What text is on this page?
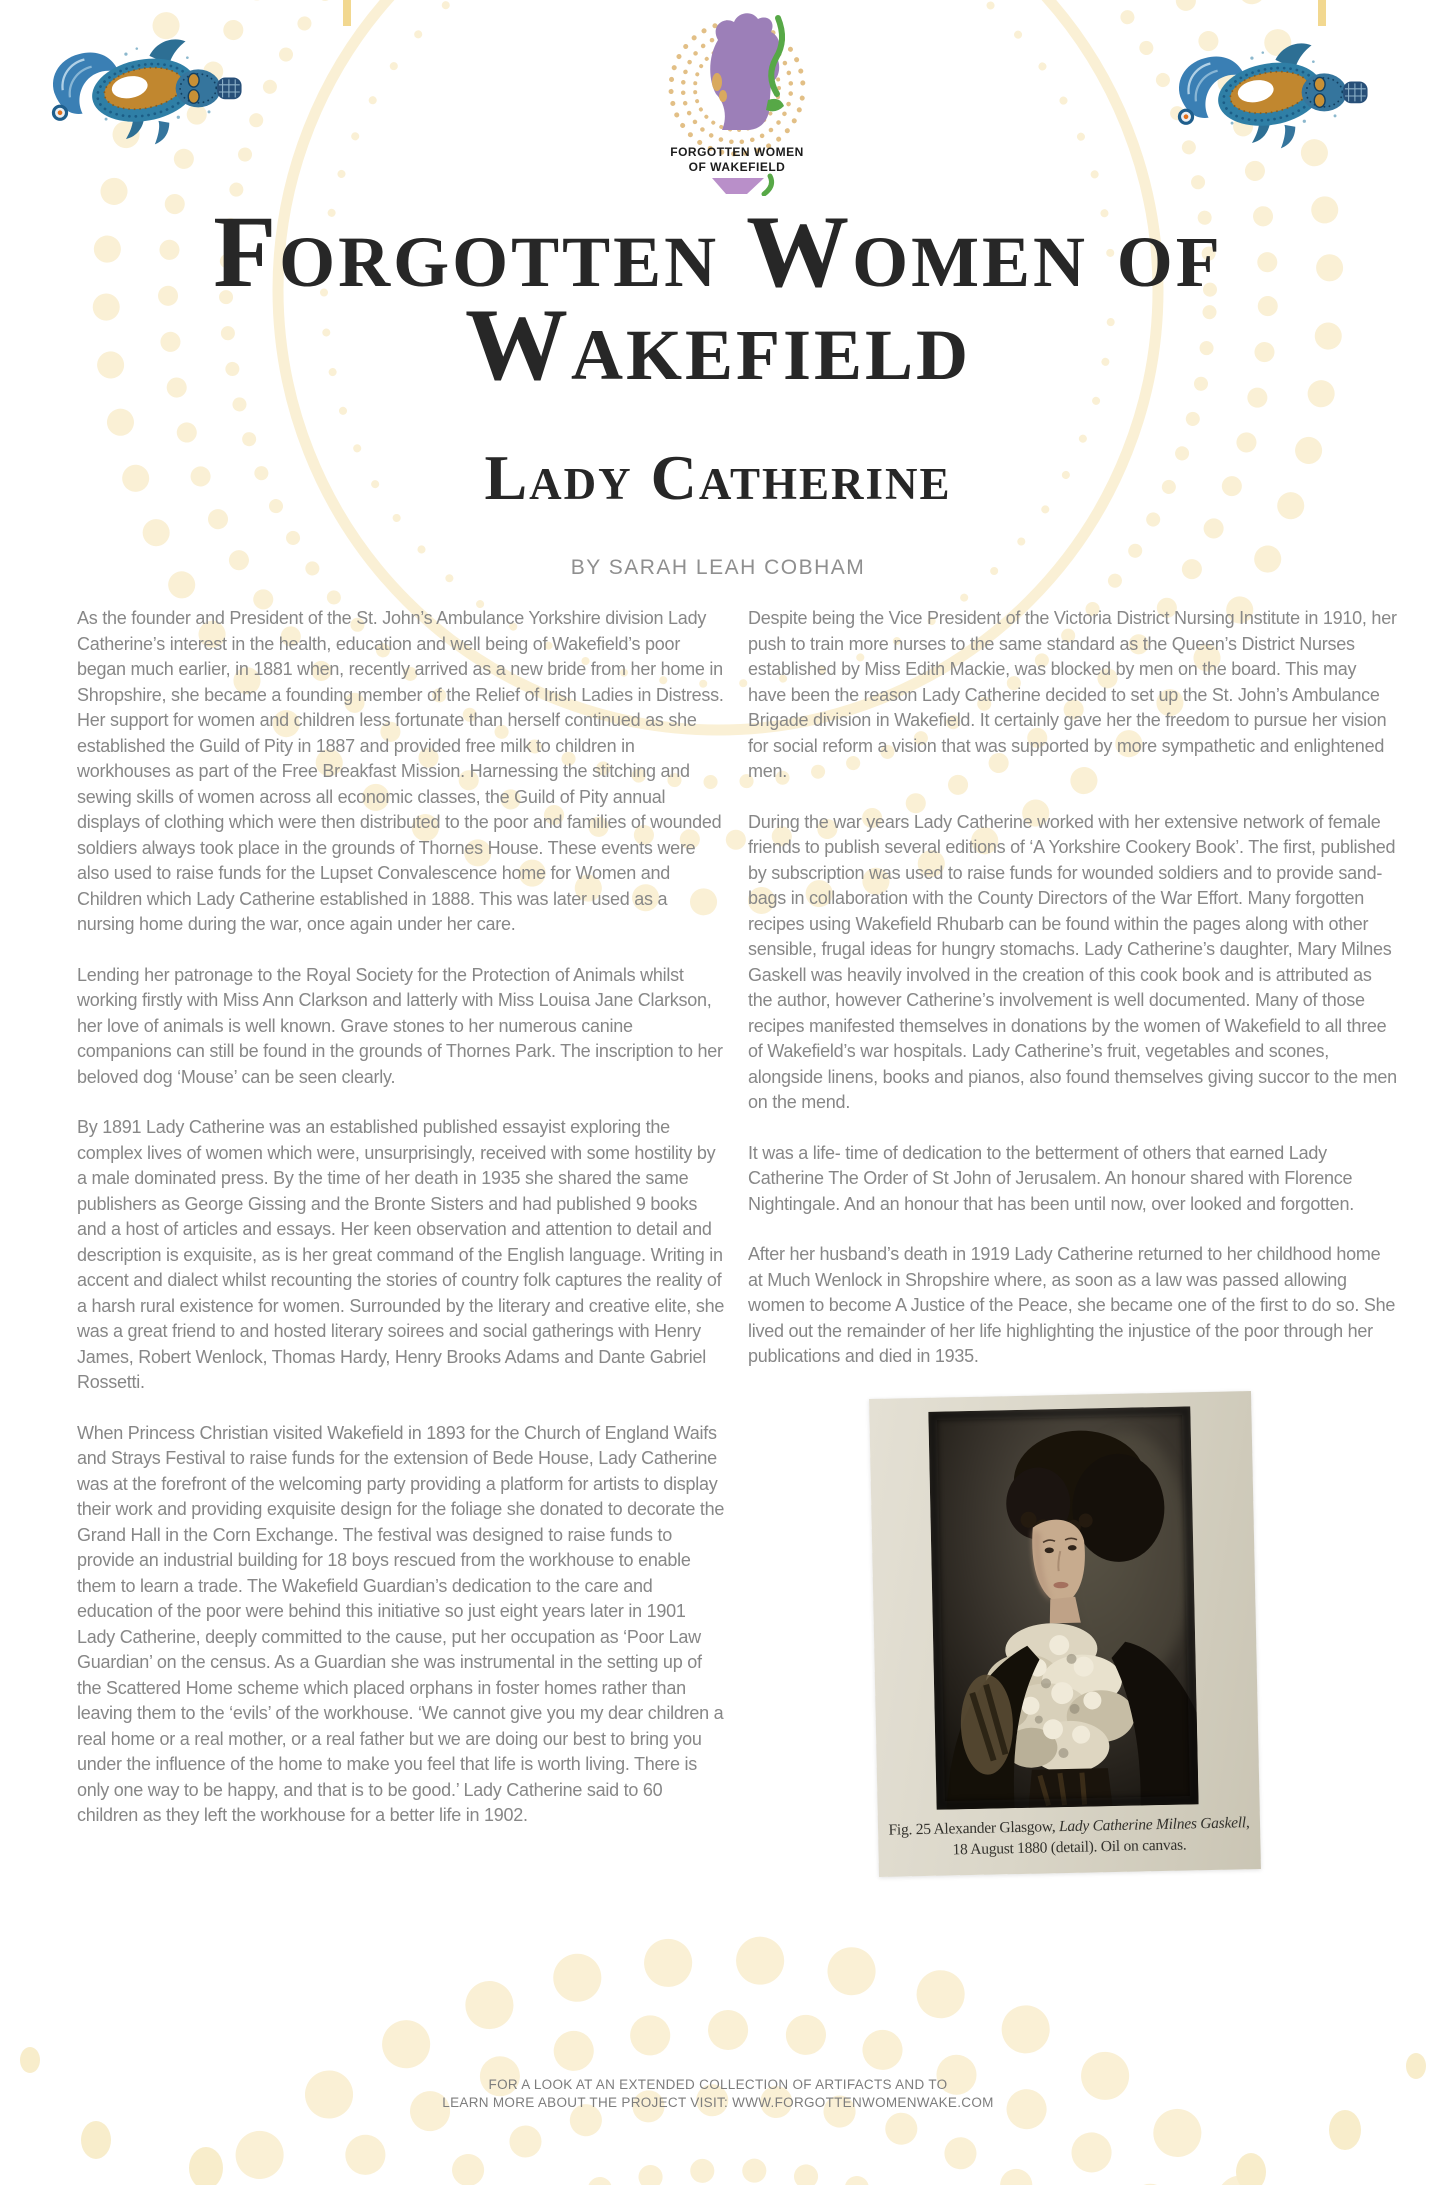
FORGOTTEN WOMEN
OF WAKEFIELD
Forgotten Women of
Wakefield
Lady Catherine
BY SARAH LEAH COBHAM

As the founder and President of the St. John’s Ambulance Yorkshire division Lady Catherine’s interest in the health, education and well being of Wakefield’s poor began much earlier, in 1881 when, recently arrived as a new bride from her home in Shropshire, she became a founding member of the Relief of Irish Ladies in Distress. Her support for women and children less fortunate than herself continued as she established the Guild of Pity in 1887 and provided free milk to children in workhouses as part of the Free Breakfast Mission. Harnessing the stitching and sewing skills of women across all economic classes, the Guild of Pity annual displays of clothing which were then distributed to the poor and families of wounded soldiers always took place in the grounds of Thornes House. These events were also used to raise funds for the Lupset Convalescence home for Women and Children which Lady Catherine established in 1888. This was later used as a nursing home during the war, once again under her care.

Lending her patronage to the Royal Society for the Protection of Animals whilst working firstly with Miss Ann Clarkson and latterly with Miss Louisa Jane Clarkson, her love of animals is well known. Grave stones to her numerous canine companions can still be found in the grounds of Thornes Park. The inscription to her beloved dog ‘Mouse’ can be seen clearly.

By 1891 Lady Catherine was an established published essayist exploring the complex lives of women which were, unsurprisingly, received with some hostility by a male dominated press. By the time of her death in 1935 she shared the same publishers as George Gissing and the Bronte Sisters and had published 9 books and a host of articles and essays. Her keen observation and attention to detail and description is exquisite, as is her great command of the English language. Writing in accent and dialect whilst recounting the stories of country folk captures the reality of a harsh rural existence for women. Surrounded by the literary and creative elite, she was a great friend to and hosted literary soirees and social gatherings with Henry James, Robert Wenlock, Thomas Hardy, Henry Brooks Adams and Dante Gabriel Rossetti.

When Princess Christian visited Wakefield in 1893 for the Church of England Waifs and Strays Festival to raise funds for the extension of Bede House, Lady Catherine was at the forefront of the welcoming party providing a platform for artists to display their work and providing exquisite design for the foliage she donated to decorate the Grand Hall in the Corn Exchange. The festival was designed to raise funds to provide an industrial building for 18 boys rescued from the workhouse to enable them to learn a trade. The Wakefield Guardian’s dedication to the care and education of the poor were behind this initiative so just eight years later in 1901 Lady Catherine, deeply committed to the cause, put her occupation as ‘Poor Law Guardian’ on the census. As a Guardian she was instrumental in the setting up of the Scattered Home scheme which placed orphans in foster homes rather than leaving them to the ‘evils’ of the workhouse. ‘We cannot give you my dear children a real home or a real mother, or a real father but we are doing our best to bring you under the influence of the home to make you feel that life is worth living. There is only one way to be happy, and that is to be good.’ Lady Catherine said to 60 children as they left the workhouse for a better life in 1902.

Despite being the Vice President of the Victoria District Nursing Institute in 1910, her push to train more nurses to the same standard as the Queen’s District Nurses established by Miss Edith Mackie, was blocked by men on the board. This may have been the reason Lady Catherine decided to set up the St. John’s Ambulance Brigade division in Wakefield. It certainly gave her the freedom to pursue her vision for social reform a vision that was supported by more sympathetic and enlightened men.

During the war years Lady Catherine worked with her extensive network of female friends to publish several editions of ‘A Yorkshire Cookery Book’. The first, published by subscription was used to raise funds for wounded soldiers and to provide sand- bags in collaboration with the County Directors of the War Effort. Many forgotten recipes using Wakefield Rhubarb can be found within the pages along with other sensible, frugal ideas for hungry stomachs. Lady Catherine’s daughter, Mary Milnes Gaskell was heavily involved in the creation of this cook book and is attributed as the author, however Catherine’s involvement is well documented. Many of those recipes manifested themselves in donations by the women of Wakefield to all three of Wakefield’s war hospitals. Lady Catherine’s fruit, vegetables and scones, alongside linens, books and pianos, also found themselves giving succor to the men on the mend.

It was a life- time of dedication to the betterment of others that earned Lady Catherine The Order of St John of Jerusalem. An honour shared with Florence Nightingale. And an honour that has been until now, over looked and forgotten.

After her husband’s death in 1919 Lady Catherine returned to her childhood home at Much Wenlock in Shropshire where, as soon as a law was passed allowing women to become A Justice of the Peace, she became one of the first to do so. She lived out the remainder of her life highlighting the injustice of the poor through her publications and died in 1935.

Fig. 25 Alexander Glasgow, Lady Catherine Milnes Gaskell,
18 August 1880 (detail). Oil on canvas.
FOR A LOOK AT AN EXTENDED COLLECTION OF ARTIFACTS AND TO
LEARN MORE ABOUT THE PROJECT VISIT: WWW.FORGOTTENWOMENWAKE.COM
